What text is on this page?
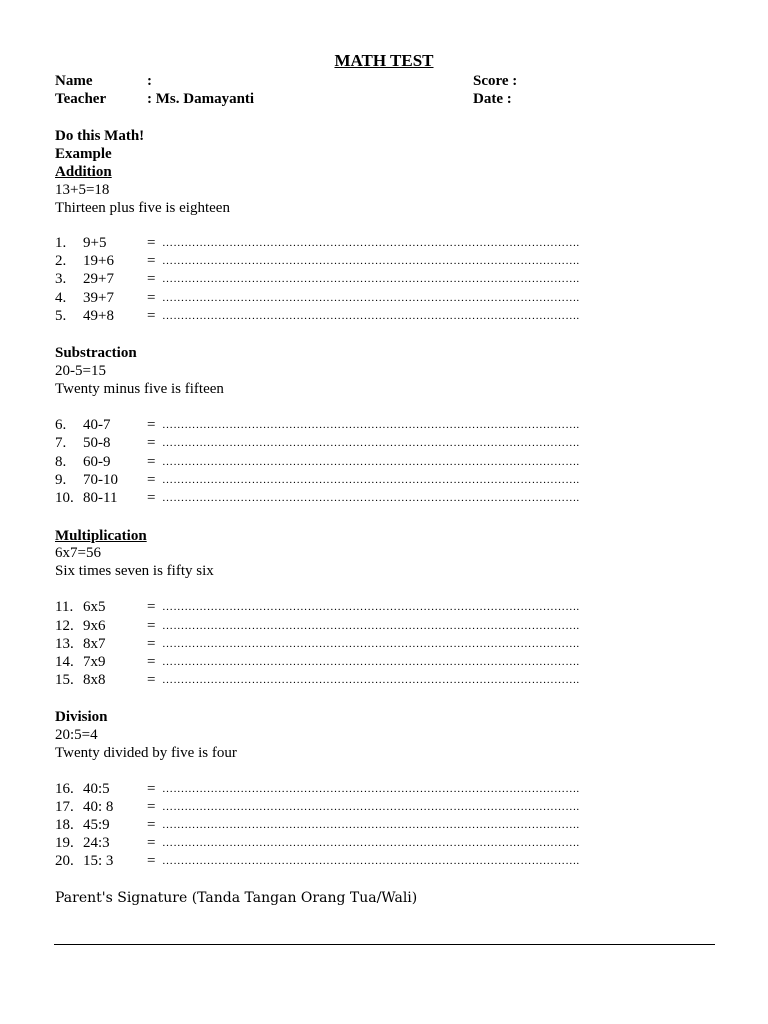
MATH TEST
Name	:	Score :
Teacher	: Ms. Damayanti	Date :
Do this Math!
Example
Addition
13+5=18
Thirteen plus five is eighteen
1. 9+5	= ………………………………………………………………………………………………….
2. 19+6 = ………………………………………………………………………………………………….
3. 29+7 = ………………………………………………………………………………………………….
4. 39+7 = ………………………………………………………………………………………………….
5. 49+8 = ………………………………………………………………………………………………….
Substraction
20-5=15
Twenty minus five is fifteen
6. 40-7 = ………………………………………………………………………………………………….
7. 50-8 = ………………………………………………………………………………………………….
8. 60-9 = ………………………………………………………………………………………………….
9. 70-10 = ………………………………………………………………………………………………….
10. 80-11 = ………………………………………………………………………………………………….
Multiplication
6x7=56
Six times seven is fifty six
11. 6x5	= ………………………………………………………………………………………………….
12. 9x6	= ………………………………………………………………………………………………….
13. 8x7	= ………………………………………………………………………………………………….
14. 7x9	= ………………………………………………………………………………………………….
15. 8x8	= ………………………………………………………………………………………………….
Division
20:5=4
Twenty divided by five is four
16. 40:5 = ………………………………………………………………………………………………….
17. 40: 8 = ………………………………………………………………………………………………….
18. 45:9 = ………………………………………………………………………………………………….
19. 24:3 = ………………………………………………………………………………………………….
20. 15: 3 = ………………………………………………………………………………………………….
Parent's Signature (Tanda Tangan Orang Tua/Wali)
